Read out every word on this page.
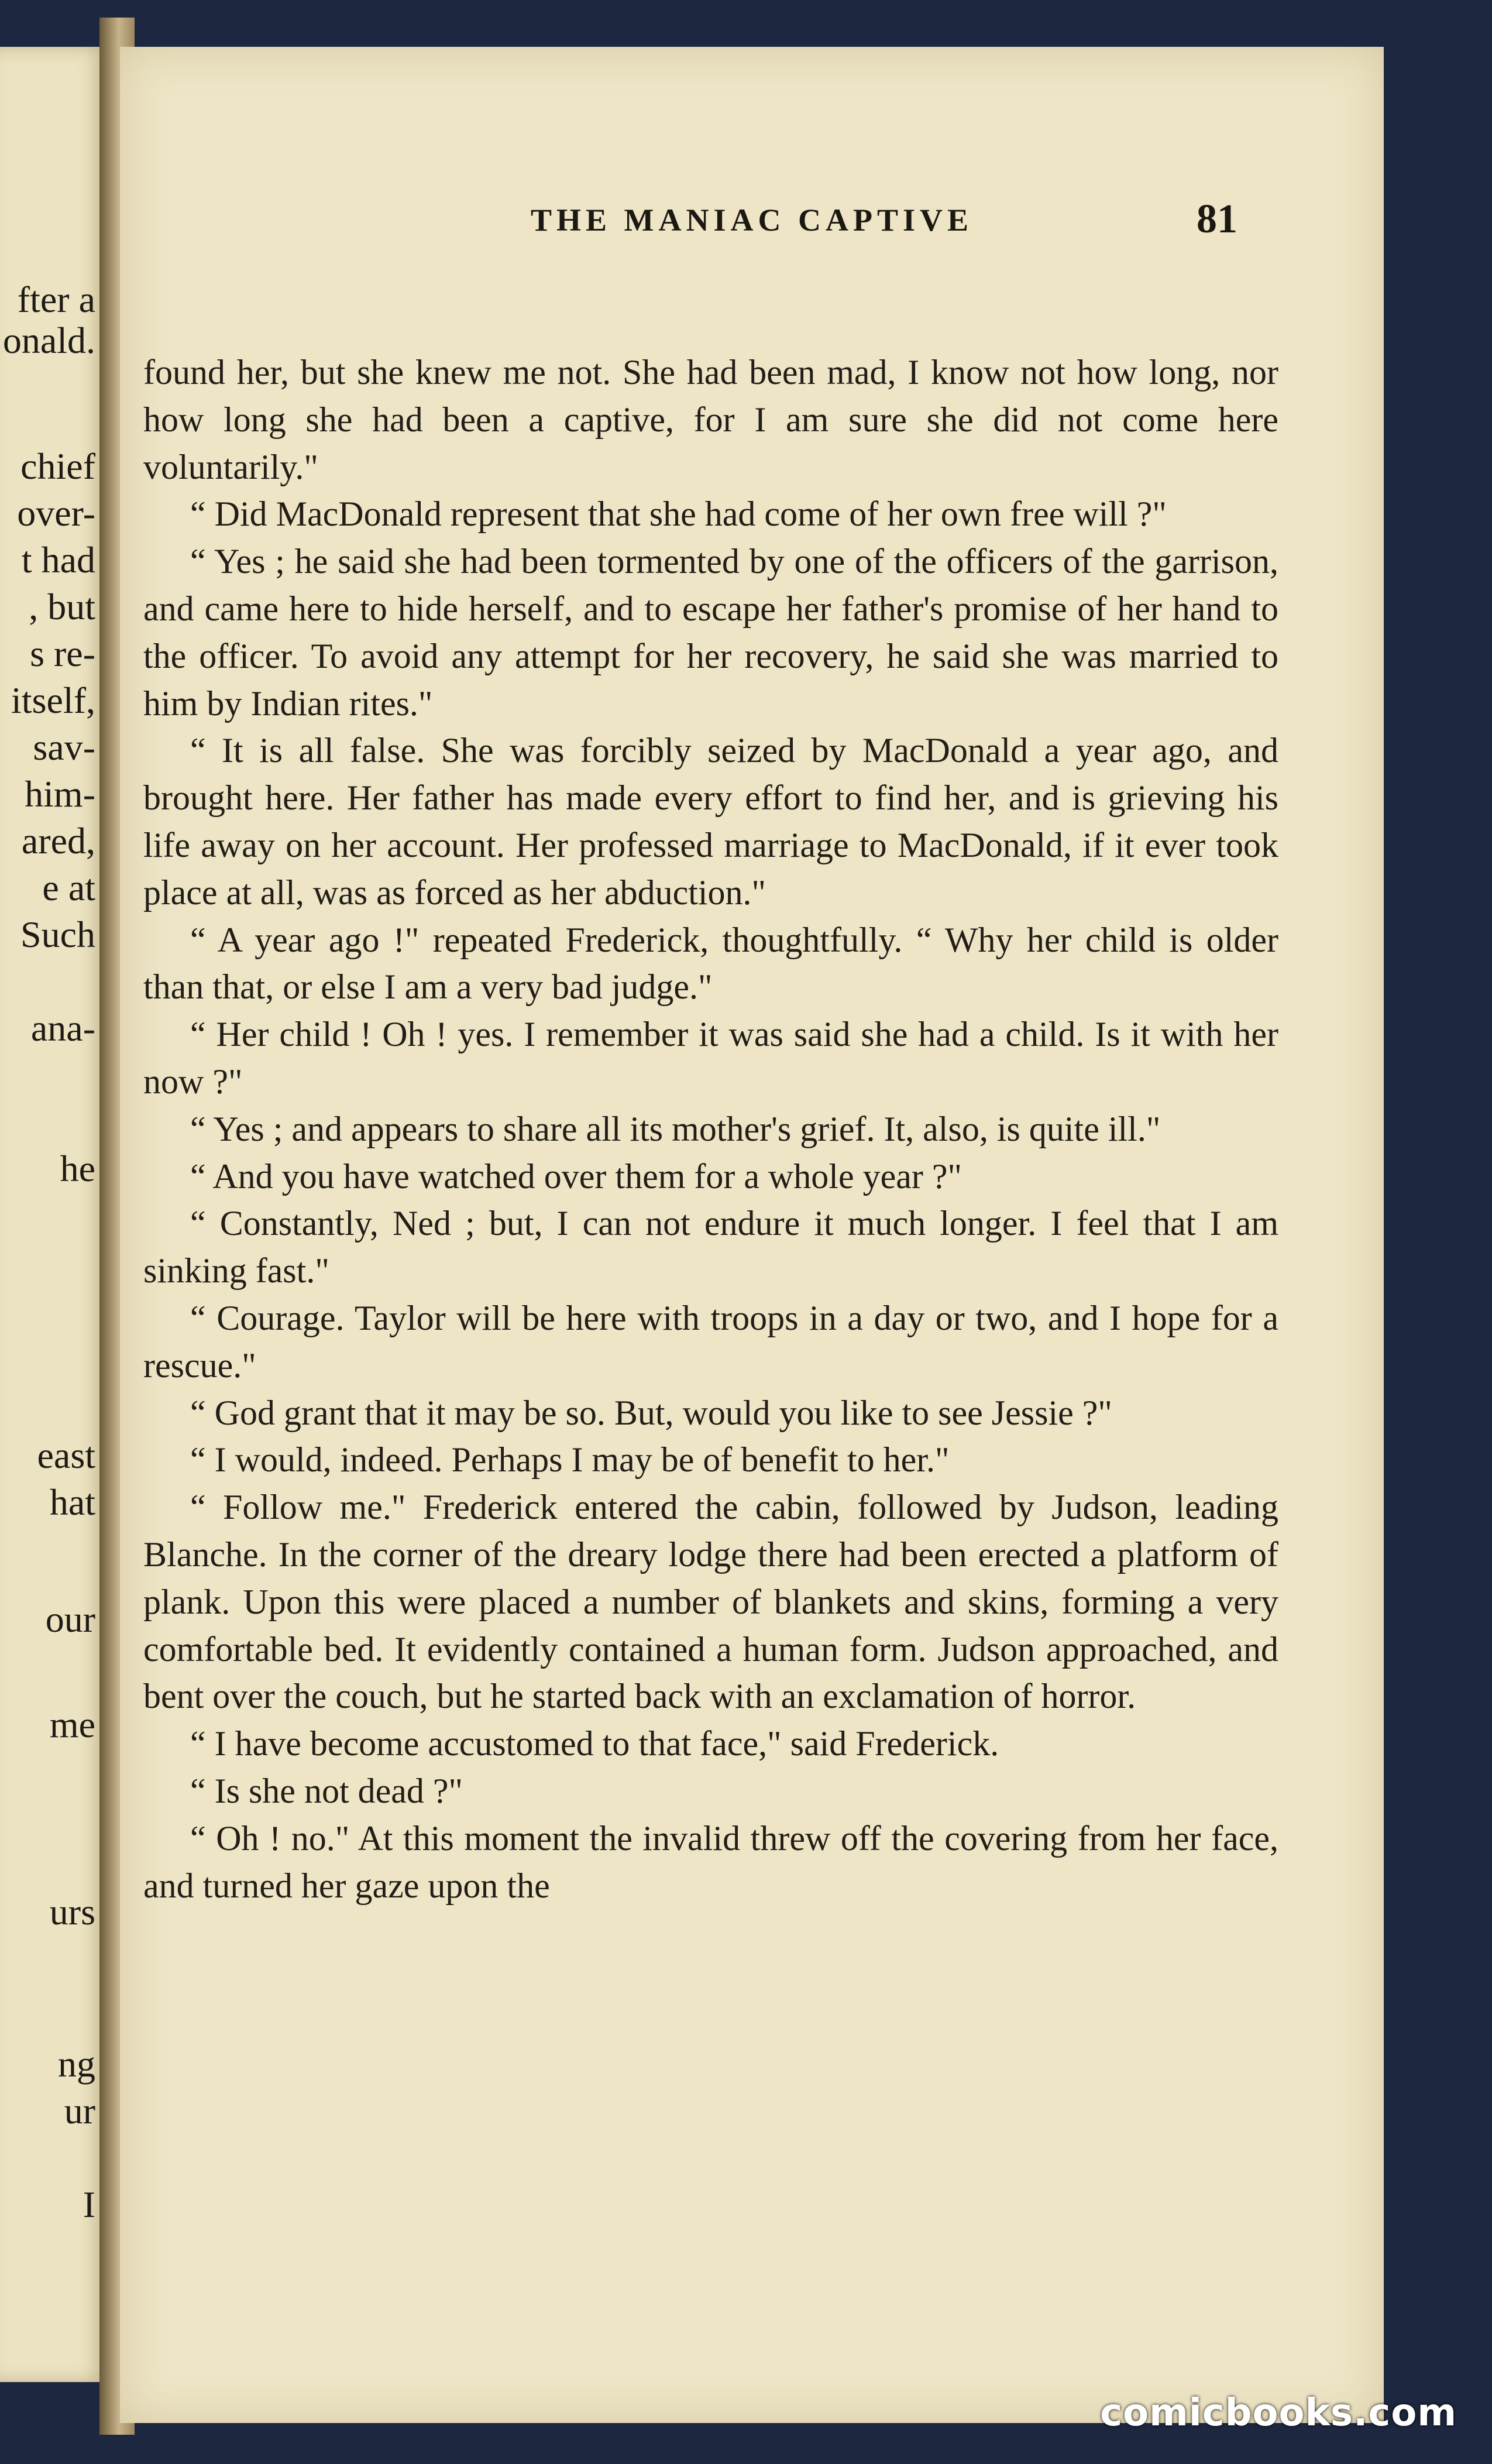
fter a
onald.
chief
over-
t had
, but
s re-
itself,
sav-
him-
ared,
e at
Such
ana-
he
east
hat
our
me
urs
ng
ur
I
THE MANIAC CAPTIVE	81

found her, but she knew me not. She had been mad, I know not how long, nor how long she had been a captive, for I am sure she did not come here voluntarily."

“ Did MacDonald represent that she had come of her own free will ?"

“ Yes ; he said she had been tormented by one of the officers of the garrison, and came here to hide herself, and to escape her father's promise of her hand to the officer. To avoid any attempt for her recovery, he said she was married to him by Indian rites."

“ It is all false. She was forcibly seized by MacDonald a year ago, and brought here. Her father has made every effort to find her, and is grieving his life away on her account. Her professed marriage to MacDonald, if it ever took place at all, was as forced as her abduction."

“ A year ago !" repeated Frederick, thoughtfully. “ Why her child is older than that, or else I am a very bad judge."

“ Her child ! Oh ! yes. I remember it was said she had a child. Is it with her now ?"

“ Yes ; and appears to share all its mother's grief. It, also, is quite ill."

“ And you have watched over them for a whole year ?"

“ Constantly, Ned ; but, I can not endure it much longer. I feel that I am sinking fast."

“ Courage. Taylor will be here with troops in a day or two, and I hope for a rescue."

“ God grant that it may be so. But, would you like to see Jessie ?"

“ I would, indeed. Perhaps I may be of benefit to her."

“ Follow me." Frederick entered the cabin, followed by Judson, leading Blanche. In the corner of the dreary lodge there had been erected a platform of plank. Upon this were placed a number of blankets and skins, forming a very comfortable bed. It evidently contained a human form. Judson approached, and bent over the couch, but he started back with an exclamation of horror.

“ I have become accustomed to that face," said Frederick.

“ Is she not dead ?"

“ Oh ! no." At this moment the invalid threw off the covering from her face, and turned her gaze upon the

comicbooks.com
